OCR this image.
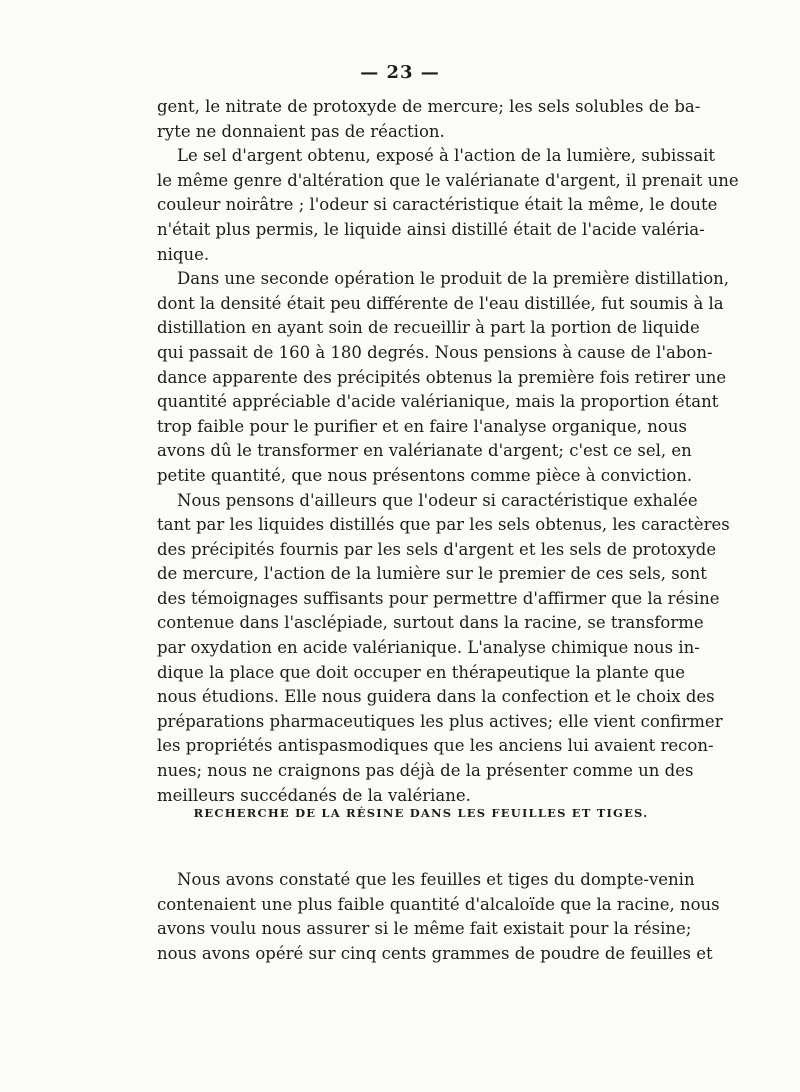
— 23 —

gent, le nitrate de protoxyde de mercure; les sels solubles de ba-
ryte ne donnaient pas de réaction.

Le sel d'argent obtenu, exposé à l'action de la lumière, subissait
le même genre d'altération que le valérianate d'argent, il prenait une
couleur noirâtre ; l'odeur si caractéristique était la même, le doute
n'était plus permis, le liquide ainsi distillé était de l'acide valéria-
nique.

Dans une seconde opération le produit de la première distillation,
dont la densité était peu différente de l'eau distillée, fut soumis à la
distillation en ayant soin de recueillir à part la portion de liquide
qui passait de 160 à 180 degrés. Nous pensions à cause de l'abon-
dance apparente des précipités obtenus la première fois retirer une
quantité appréciable d'acide valérianique, mais la proportion étant
trop faible pour le purifier et en faire l'analyse organique, nous
avons dû le transformer en valérianate d'argent; c'est ce sel, en
petite quantité, que nous présentons comme pièce à conviction.

Nous pensons d'ailleurs que l'odeur si caractéristique exhalée
tant par les liquides distillés que par les sels obtenus, les caractères
des précipités fournis par les sels d'argent et les sels de protoxyde
de mercure, l'action de la lumière sur le premier de ces sels, sont
des témoignages suffisants pour permettre d'affirmer que la résine
contenue dans l'asclépiade, surtout dans la racine, se transforme
par oxydation en acide valérianique. L'analyse chimique nous in-
dique la place que doit occuper en thérapeutique la plante que
nous étudions. Elle nous guidera dans la confection et le choix des
préparations pharmaceutiques les plus actives; elle vient confirmer
les propriétés antispasmodiques que les anciens lui avaient recon-
nues; nous ne craignons pas déjà de la présenter comme un des
meilleurs succédanés de la valériane.

RECHERCHE DE LA RÉSINE DANS LES FEUILLES ET TIGES.

Nous avons constaté que les feuilles et tiges du dompte-venin
contenaient une plus faible quantité d'alcaloïde que la racine, nous
avons voulu nous assurer si le même fait existait pour la résine;
nous avons opéré sur cinq cents grammes de poudre de feuilles et
